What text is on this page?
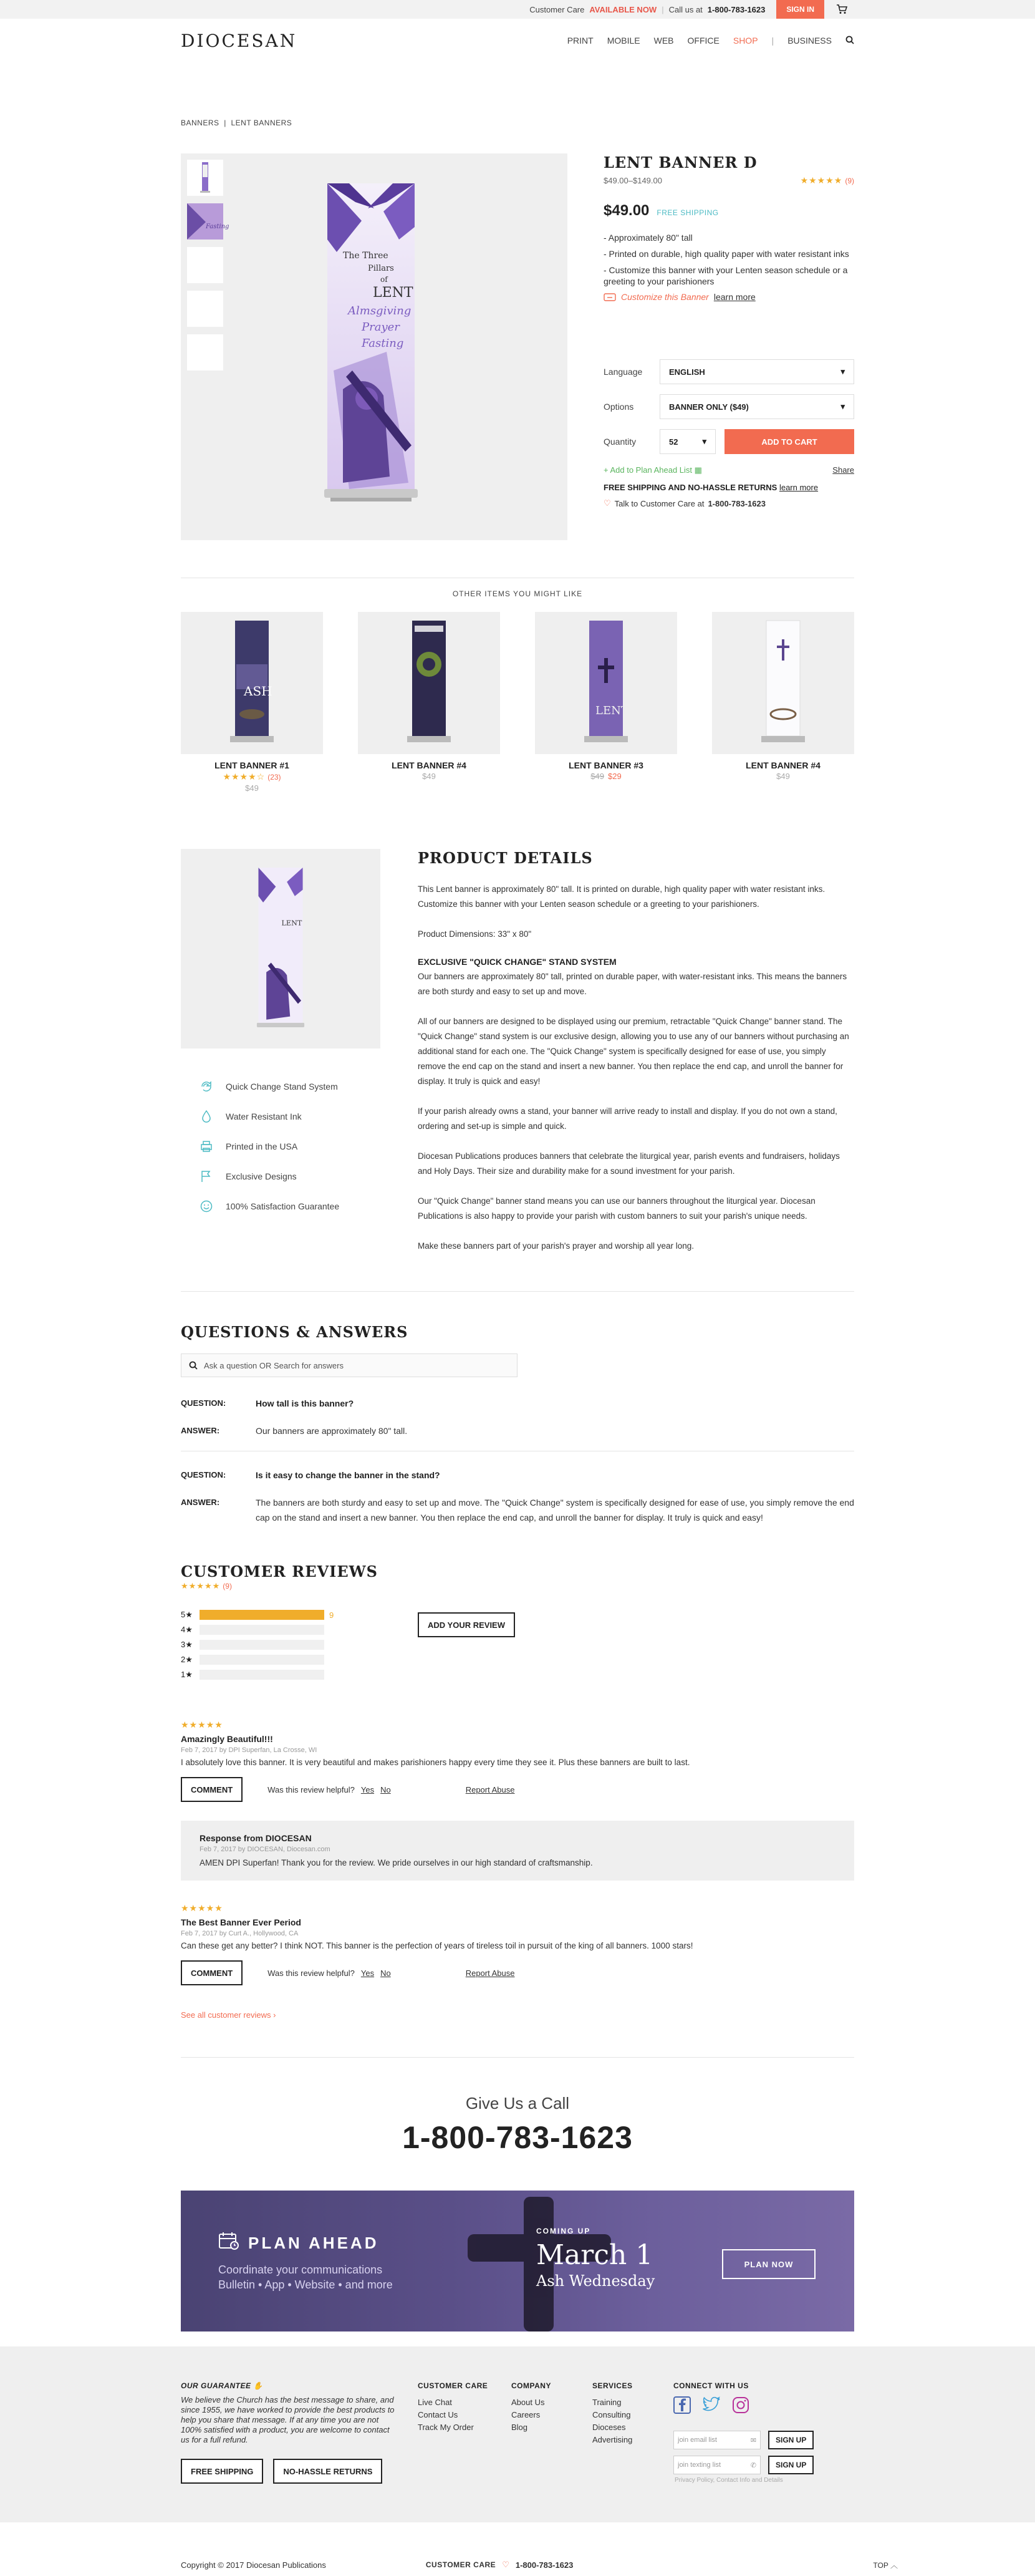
Customer Care AVAILABLE NOW | Call us at 1-800-783-1623	SIGN IN
DIOCESAN	PRINT MOBILE WEB OFFICE SHOP | BUSINESS
BANNERS | LENT BANNERS
Fasting
The Three
Pillars
of
LENT
Almsgiving
Prayer
Fasting
LENT BANNER D
$49.00–$149.00	★★★★★ (9)
$49.00 FREE SHIPPING
- Approximately 80" tall
- Printed on durable, high quality paper with water resistant inks
- Customize this banner with your Lenten season schedule or a greeting to your parishioners
Customize this Banner learn more
Language	ENGLISH	▾
Options	BANNER ONLY ($49)	▾
Quantity	52	▾	ADD TO CART
+ Add to Plan Ahead List ▦	Share
FREE SHIPPING AND NO-HASSLE RETURNS learn more
♡ Talk to Customer Care at 1-800-783-1623
OTHER ITEMS YOU MIGHT LIKE
ASH
LENT BANNER #1
★★★★☆ (23)
$49
LENT BANNER #4
$49
LENT
LENT BANNER #3
$49 $29
LENT BANNER #4
$49
LENT
Quick Change Stand System
Water Resistant Ink
Printed in the USA
Exclusive Designs
100% Satisfaction Guarantee
PRODUCT DETAILS

This Lent banner is approximately 80" tall. It is printed on durable, high quality paper with water resistant inks. Customize this banner with your Lenten season schedule or a greeting to your parishioners.

Product Dimensions: 33" x 80"

EXCLUSIVE "QUICK CHANGE" STAND SYSTEM

Our banners are approximately 80" tall, printed on durable paper, with water-resistant inks. This means the banners are both sturdy and easy to set up and move.

All of our banners are designed to be displayed using our premium, retractable "Quick Change" banner stand. The "Quick Change" stand system is our exclusive design, allowing you to use any of our banners without purchasing an additional stand for each one. The "Quick Change" system is specifically designed for ease of use, you simply remove the end cap on the stand and insert a new banner. You then replace the end cap, and unroll the banner for display. It truly is quick and easy!

If your parish already owns a stand, your banner will arrive ready to install and display. If you do not own a stand, ordering and set-up is simple and quick.

Diocesan Publications produces banners that celebrate the liturgical year, parish events and fundraisers, holidays and Holy Days. Their size and durability make for a sound investment for your parish.

Our "Quick Change" banner stand means you can use our banners throughout the liturgical year. Diocesan Publications is also happy to provide your parish with custom banners to suit your parish's unique needs.

Make these banners part of your parish's prayer and worship all year long.

QUESTIONS & ANSWERS
Ask a question OR Search for answers
QUESTION:	How tall is this banner?
ANSWER:	Our banners are approximately 80" tall.
QUESTION:	Is it easy to change the banner in the stand?
ANSWER:	The banners are both sturdy and easy to set up and move. The "Quick Change" system is specifically designed for ease of use, you simply remove the end cap on the stand and insert a new banner. You then replace the end cap, and unroll the banner for display. It truly is quick and easy!
CUSTOMER REVIEWS
★★★★★ (9)
5★	9
4★
3★
2★
1★
ADD YOUR REVIEW
★★★★★
Amazingly Beautiful!!!
Feb 7, 2017 by DPI Superfan, La Crosse, WI
I absolutely love this banner. It is very beautiful and makes parishioners happy every time they see it. Plus these banners are built to last.
COMMENT	Was this review helpful? Yes No	Report Abuse
Response from DIOCESAN
Feb 7, 2017 by DIOCESAN, Diocesan.com
AMEN DPI Superfan! Thank you for the review. We pride ourselves in our high standard of craftsmanship.
★★★★★
The Best Banner Ever Period
Feb 7, 2017 by Curt A., Hollywood, CA
Can these get any better? I think NOT. This banner is the perfection of years of tireless toil in pursuit of the king of all banners. 1000 stars!
COMMENT	Was this review helpful? Yes No	Report Abuse
See all customer reviews ›
Give Us a Call
1-800-783-1623
PLAN AHEAD
Coordinate your communications
Bulletin • App • Website • and more
COMING UP
March 1
Ash Wednesday
PLAN NOW
OUR GUARANTEE ✋
We believe the Church has the best message to share, and since 1955, we have worked to provide the best products to help you share that message. If at any time you are not 100% satisfied with a product, you are welcome to contact us for a full refund.
FREE SHIPPING	NO-HASSLE RETURNS
CUSTOMER CARE
Live Chat
Contact Us
Track My Order
COMPANY
About Us
Careers
Blog
SERVICES
Training
Consulting
Dioceses
Advertising
CONNECT WITH US
join email list	✉	SIGN UP
join texting list	✆	SIGN UP
Privacy Policy, Contact Info and Details
Copyright © 2017 Diocesan Publications	CUSTOMER CARE ♡ 1-800-783-1623	TOP ︿
